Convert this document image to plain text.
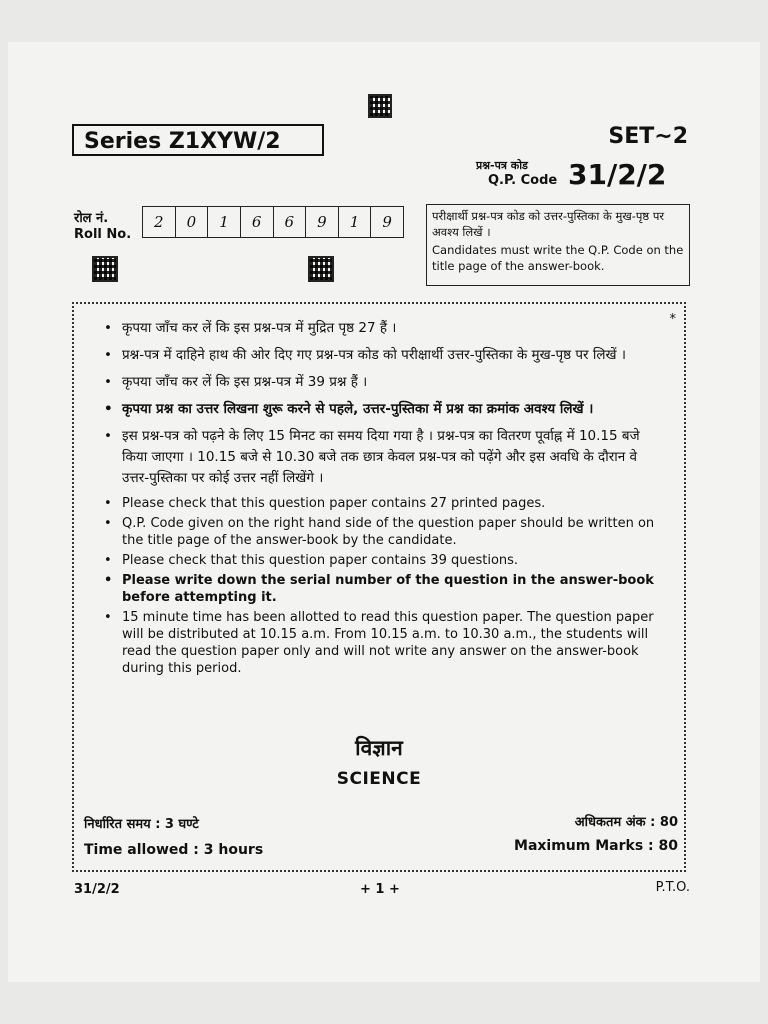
Series Z1XYW/2	SET~2
प्रश्न-पत्र कोड
Q.P. Code 31/2/2
रोल नं.
Roll No.
2	0	1	6	6	9	1	9	परीक्षार्थी प्रश्न-पत्र कोड को उत्तर-पुस्तिका के मुख-पृष्ठ पर अवश्य लिखें ।
Candidates must write the Q.P. Code on the title page of the answer-book.
*
• कृपया जाँच कर लें कि इस प्रश्न-पत्र में मुद्रित पृष्ठ 27 हैं ।
• प्रश्न-पत्र में दाहिने हाथ की ओर दिए गए प्रश्न-पत्र कोड को परीक्षार्थी उत्तर-पुस्तिका के मुख-पृष्ठ पर लिखें ।
• कृपया जाँच कर लें कि इस प्रश्न-पत्र में 39 प्रश्न हैं ।
• कृपया प्रश्न का उत्तर लिखना शुरू करने से पहले, उत्तर-पुस्तिका में प्रश्न का क्रमांक अवश्य लिखें ।
• इस प्रश्न-पत्र को पढ़ने के लिए 15 मिनट का समय दिया गया है । प्रश्न-पत्र का वितरण पूर्वाह्न में 10.15 बजे किया जाएगा । 10.15 बजे से 10.30 बजे तक छात्र केवल प्रश्न-पत्र को पढ़ेंगे और इस अवधि के दौरान वे उत्तर-पुस्तिका पर कोई उत्तर नहीं लिखेंगे ।
• Please check that this question paper contains 27 printed pages.
• Q.P. Code given on the right hand side of the question paper should be written on the title page of the answer-book by the candidate.
• Please check that this question paper contains 39 questions.
• Please write down the serial number of the question in the answer-book before attempting it.
• 15 minute time has been allotted to read this question paper. The question paper will be distributed at 10.15 a.m. From 10.15 a.m. to 10.30 a.m., the students will read the question paper only and will not write any answer on the answer-book during this period.
विज्ञान
SCIENCE
निर्धारित समय : 3 घण्टे
Time allowed : 3 hours
अधिकतम अंक : 80
Maximum Marks : 80
31/2/2	+ 1 +	P.T.O.
